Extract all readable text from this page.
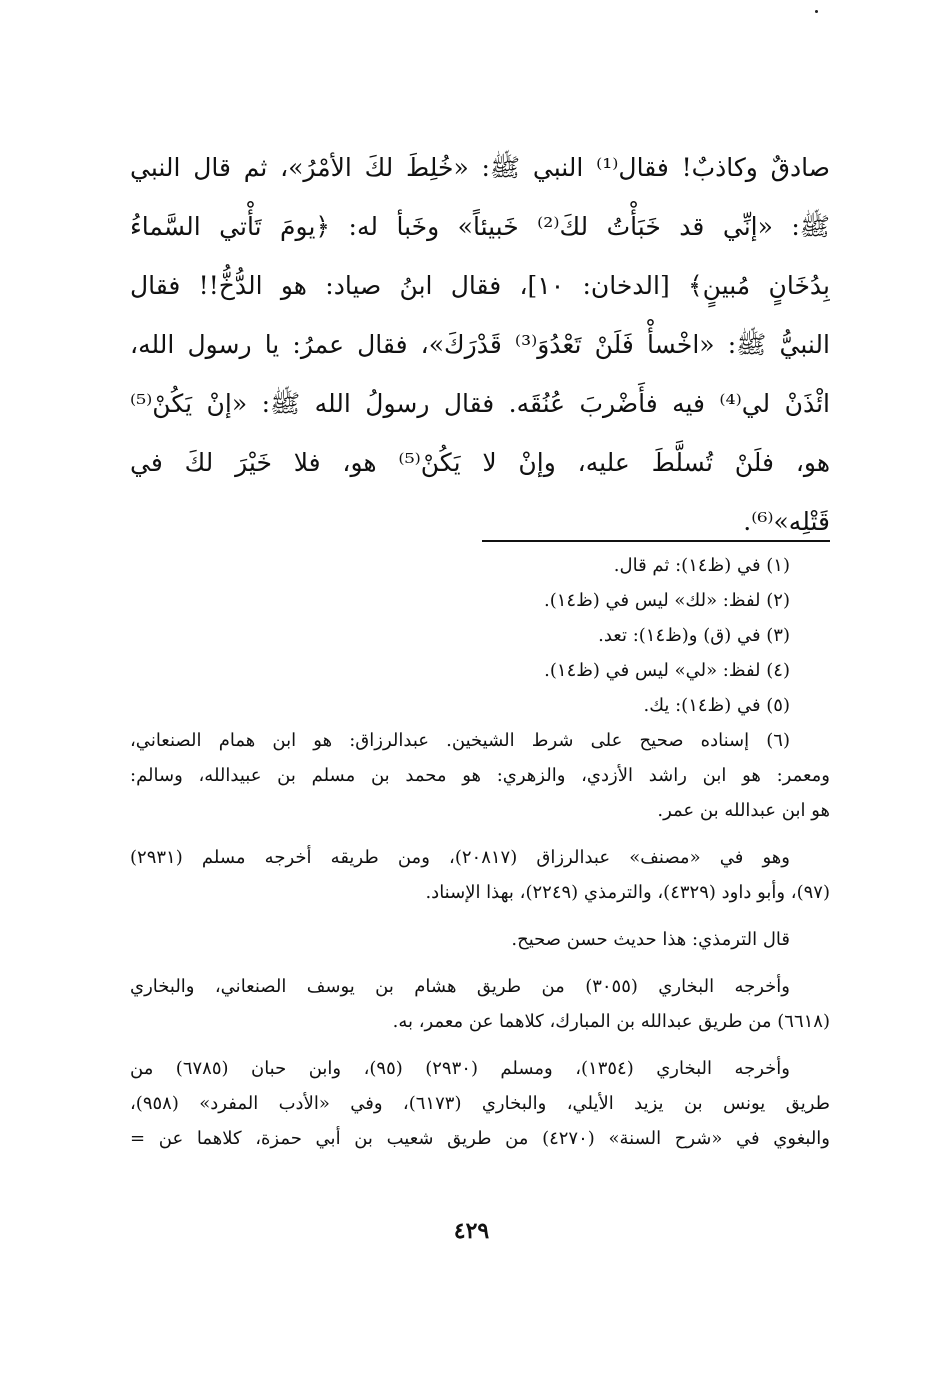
صادقٌ وكاذبٌ! فقال⁽¹⁾ النبي ﷺ: «خُلِطَ لكَ الأمْرُ»، ثم قال النبي
ﷺ: «إنِّي قد خَبَأْتُ لكَ⁽²⁾ خَبيئاً» وخَبأ له: ﴿يومَ تَأْتي السَّماءُ
بِدُخَانٍ مُبينٍ﴾ [الدخان: ١٠]، فقال ابنُ صياد: هو الدُّخُّ!! فقال
النبيُّ ﷺ: «اخْسأْ فَلَنْ تَعْدُوَ⁽³⁾ قَدْرَكَ»، فقال عمرُ: يا رسول الله،
ائْذَنْ لي⁽⁴⁾ فيه فأَضْربَ عُنُقَه. فقال رسولُ الله ﷺ: «إنْ يَكُنْ⁽⁵⁾
هو، فلَنْ تُسلَّطَ عليه، وإنْ لا يَكُنْ⁽⁵⁾ هو، فلا خَيْرَ لكَ في
قَتْلِه»⁽⁶⁾.
(١) في (ظ١٤): ثم قال.
(٢) لفظ: «لك» ليس في (ظ١٤).
(٣) في (ق) و(ظ١٤): تعد.
(٤) لفظ: «لي» ليس في (ظ١٤).
(٥) في (ظ١٤): يك.
(٦) إسناده صحيح على شرط الشيخين. عبدالرزاق: هو ابن همام الصنعاني،
ومعمر: هو ابن راشد الأزدي، والزهري: هو محمد بن مسلم بن عبيدالله، وسالم:
هو ابن عبدالله بن عمر.
وهو في «مصنف» عبدالرزاق (٢٠٨١٧)، ومن طريقه أخرجه مسلم (٢٩٣١)
(٩٧)، وأبو داود (٤٣٢٩)، والترمذي (٢٢٤٩)، بهذا الإسناد.
قال الترمذي: هذا حديث حسن صحيح.
وأخرجه البخاري (٣٠٥٥) من طريق هشام بن يوسف الصنعاني، والبخاري
(٦٦١٨) من طريق عبدالله بن المبارك، كلاهما عن معمر، به.
وأخرجه البخاري (١٣٥٤)، ومسلم (٢٩٣٠) (٩٥)، وابن حبان (٦٧٨٥) من
طريق يونس بن يزيد الأيلي، والبخاري (٦١٧٣)، وفي «الأدب المفرد» (٩٥٨)،
والبغوي في «شرح السنة» (٤٢٧٠) من طريق شعيب بن أبي حمزة، كلاهما عن =
٤٢٩
